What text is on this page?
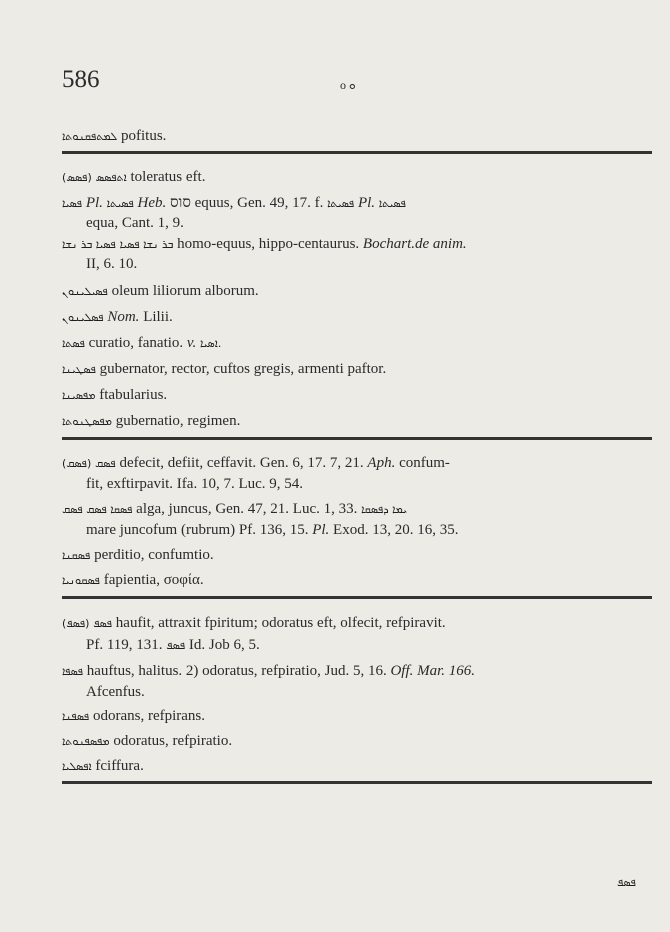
586	o ܘ
ܠܡܬܦܩܢܘܬܐ pofitus.
(ܦܣܣ) ܐܬܦܣܣ toleratus eft.
ܦܣܝܐ Pl. ܦܣܝܬܐ Heb. סוס equus, Gen. 49, 17. f. ܦܣܝܬܐ Pl. ܦܣܝܬܐ
equa, Cant. 1, 9.
ܒܪ ܢܫܐ ܦܣܝܐ ܦܣܝܐ ܒܪ ܢܫܐ	homo-equus, hippo-centaurus. Bochart.de anim.
II, 6. 10.
ܦܣܝܠܝܢܘܢ oleum liliorum alborum.
ܦܣܠܝܢܘܢ Nom. Lilii.
ܦܣܬܐ curatio, fanatio. v. ܐܣܝܐ.
ܦܣܛܝܢܐ gubernator, rector, cuftos gregis, armenti paftor.
ܡܦܣܝܢܐ ftabularius.
ܡܦܣܛܢܘܬܐ gubernatio, regimen.
(ܦܣܩ) ܦܣܩ defecit, defiit, ceffavit. Gen. 6, 17. 7, 21. Aph. confum-
fit, exftirpavit. Ifa. 10, 7. Luc. 9, 54.
ܦܣܩܐ ܦܣܩ ܦܣܩ alga, juncus, Gen. 47, 21. Luc. 1, 33. ܝܡܐ ܕܦܣܩܐ
mare juncofum (rubrum) Pf. 136, 15. Pl. Exod. 13, 20. 16, 35.
ܦܣܩܢܐ perditio, confumtio.
ܦܣܩܘܢܝܐ fapientia, σοφία.
(ܦܣܦ) ܦܣܦ haufit, attraxit fpiritum; odoratus eft, olfecit, refpiravit.
Pf. 119, 131. ܦܣܦ Id. Job 6, 5.
ܦܣܦܐ hauftus, halitus. 2) odoratus, refpiratio, Jud. 5, 16. Off. Mar. 166.
Afcenfus.
ܦܣܦܢܐ odorans, refpirans.
ܡܦܣܦܢܘܬܐ odoratus, refpiratio.
ܐܦܣܠܝܐ fciffura.
ܦܣܦ
